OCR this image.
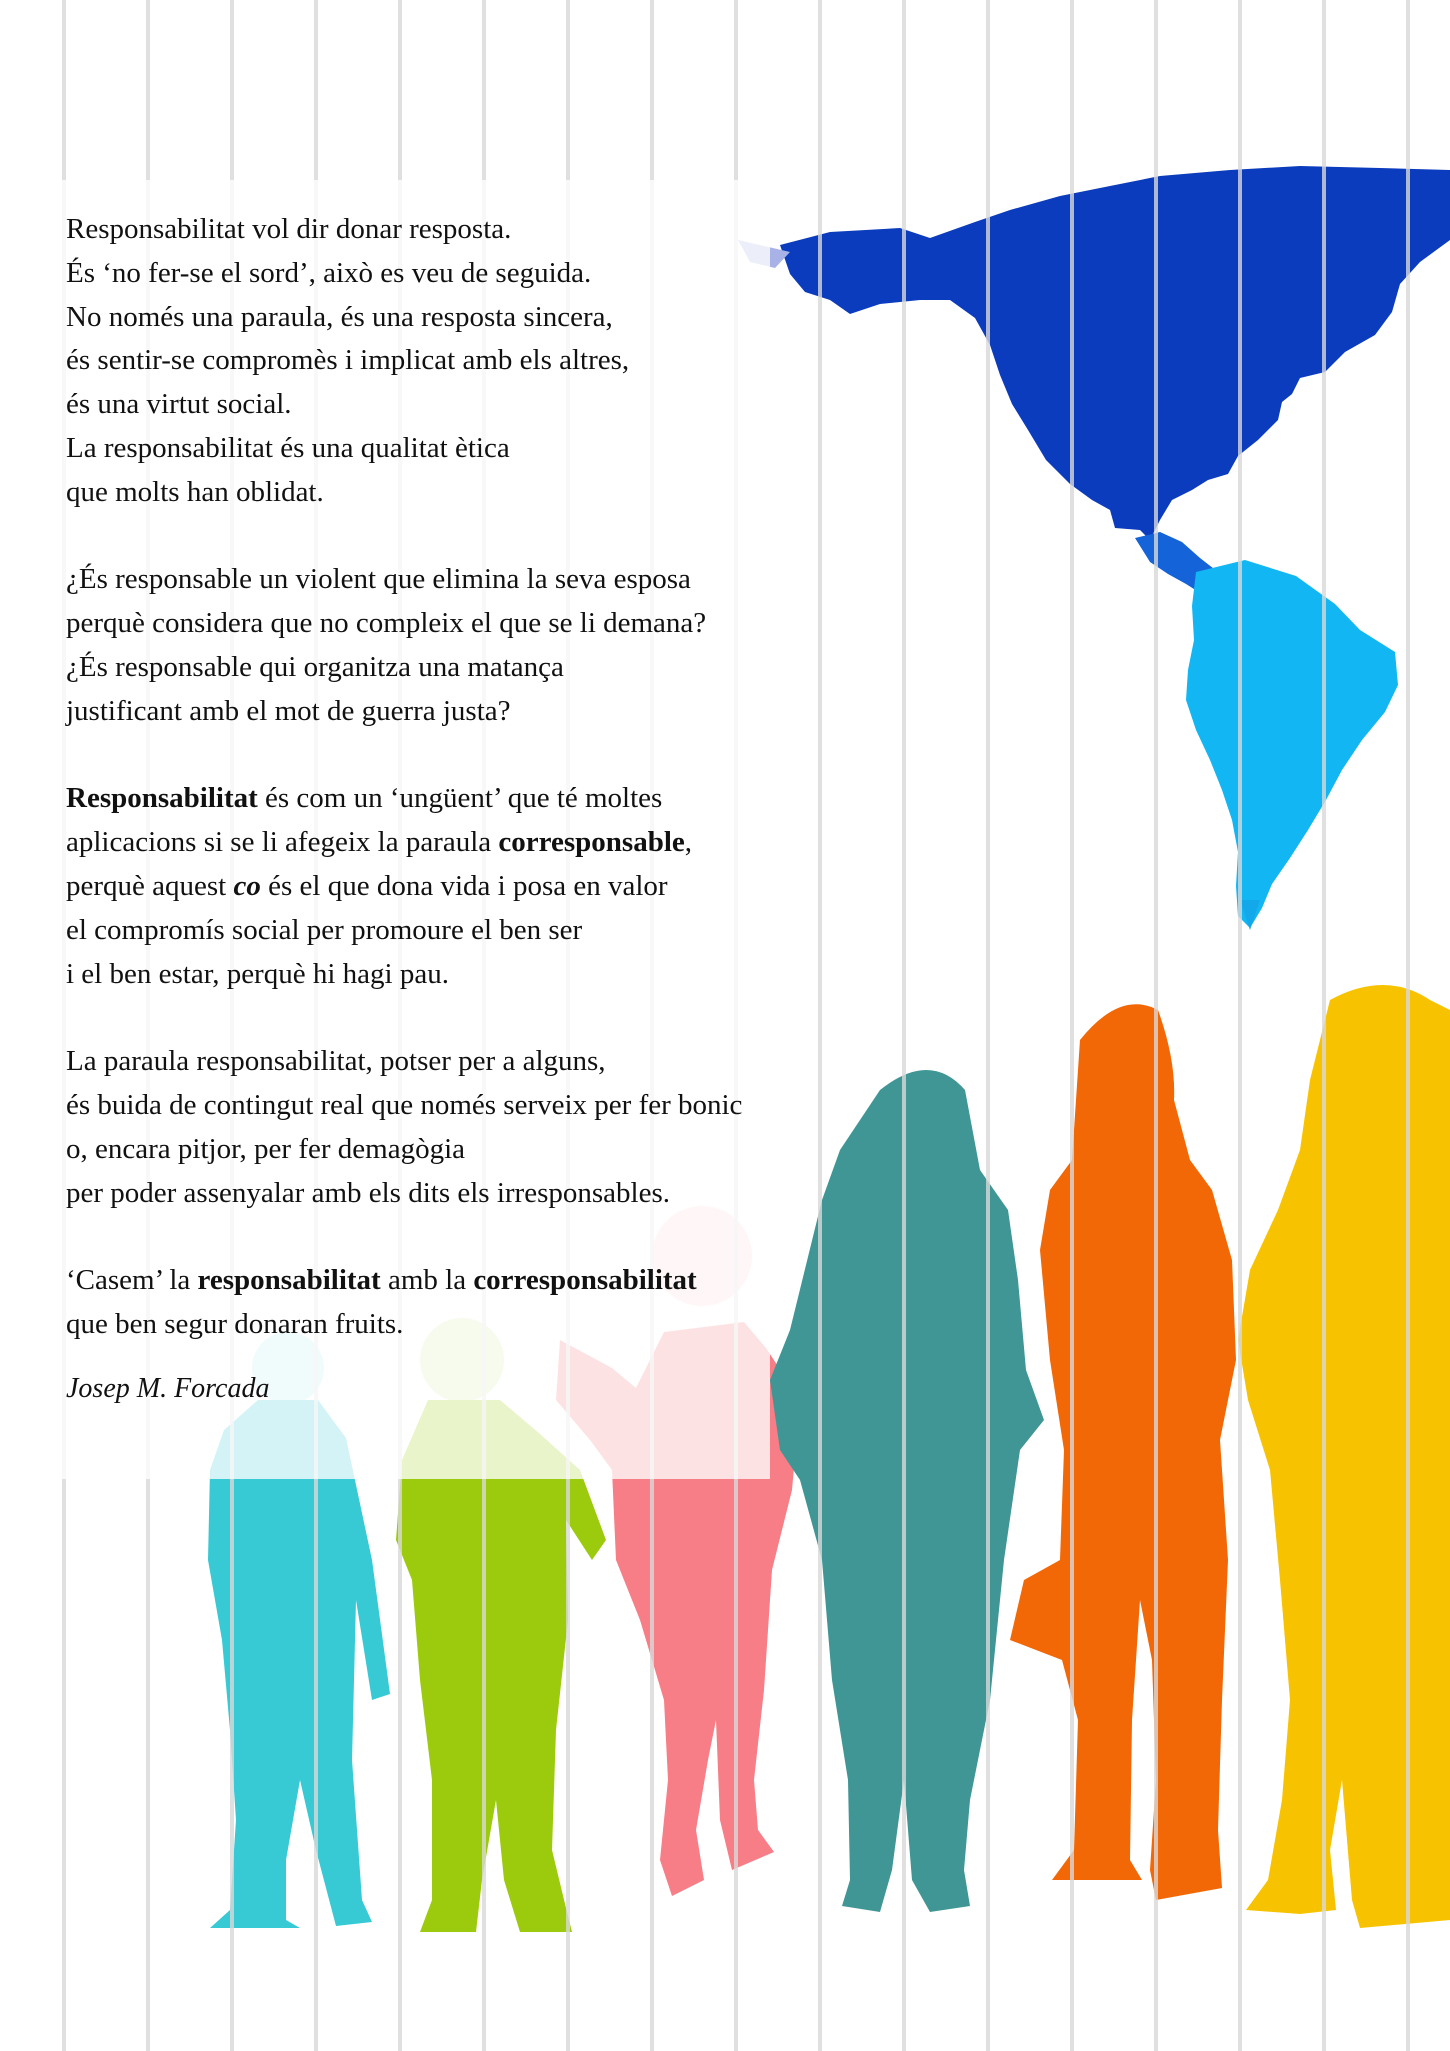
Responsabilitat vol dir donar resposta.
És ‘no fer-se el sord’, això es veu de seguida.
No només una paraula, és una resposta sincera,
és sentir-se compromès i implicat amb els altres,
és una virtut social.
La responsabilitat és una qualitat ètica
que molts han oblidat.
¿És responsable un violent que elimina la seva esposa
perquè considera que no compleix el que se li demana?
¿És responsable qui organitza una matança
justificant amb el mot de guerra justa?
Responsabilitat és com un ‘ungüent’ que té moltes
aplicacions si se li afegeix la paraula corresponsable,
perquè aquest co és el que dona vida i posa en valor
el compromís social per promoure el ben ser
i el ben estar, perquè hi hagi pau.
La paraula responsabilitat, potser per a alguns,
és buida de contingut real que només serveix per fer bonic
o, encara pitjor, per fer demagògia
per poder assenyalar amb els dits els irresponsables.
‘Casem’ la responsabilitat amb la corresponsabilitat
que ben segur donaran fruits.
Josep M. Forcada
